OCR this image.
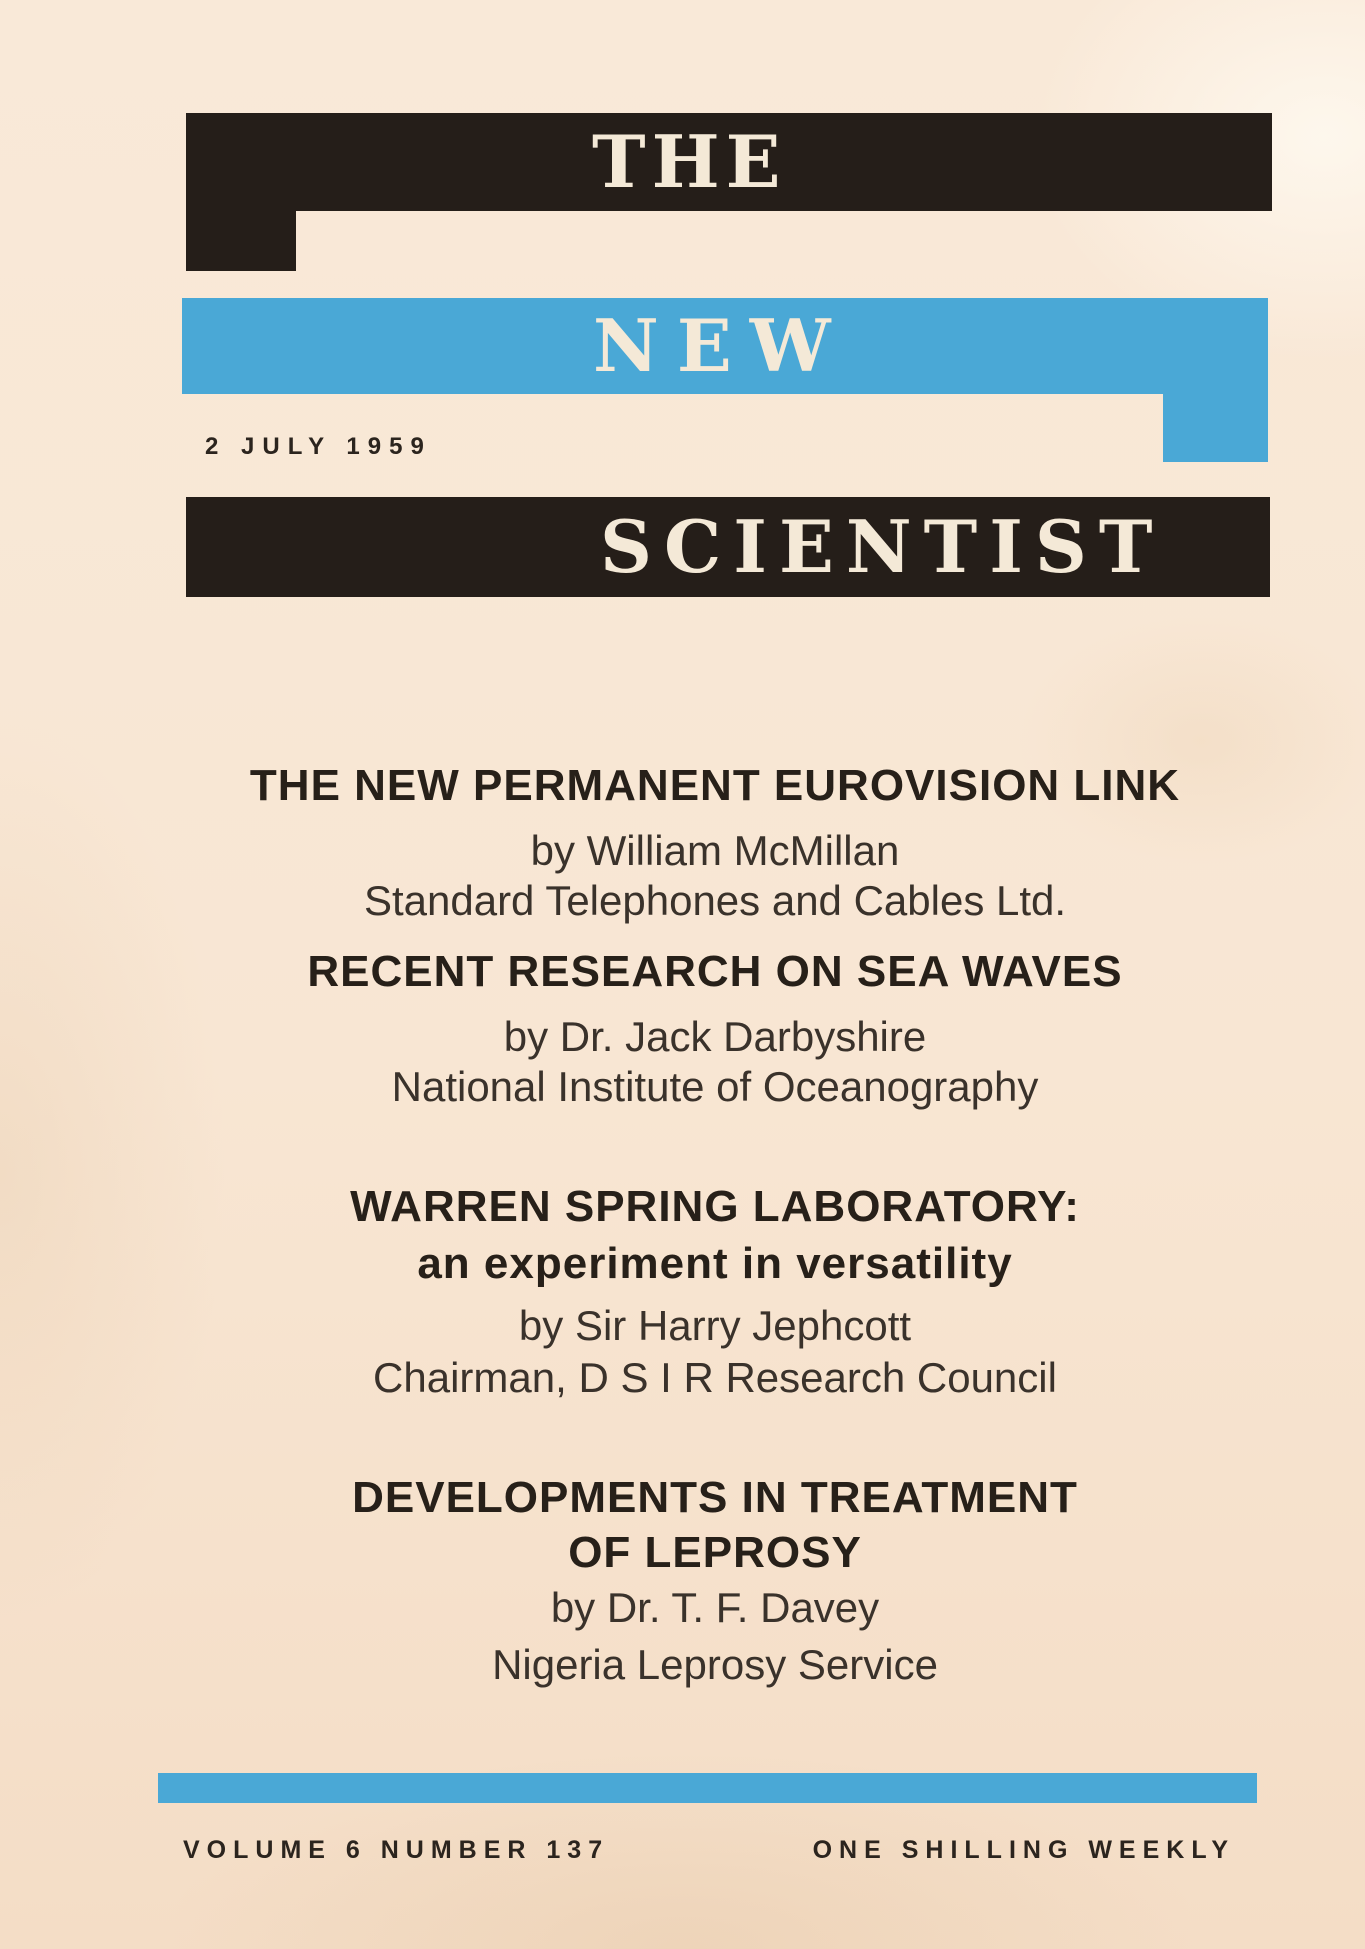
THE
NEW
2 JULY 1959
SCIENTIST
THE NEW PERMANENT EUROVISION LINK
by William McMillan
Standard Telephones and Cables Ltd.
RECENT RESEARCH ON SEA WAVES
by Dr. Jack Darbyshire
National Institute of Oceanography
WARREN SPRING LABORATORY:
an experiment in versatility
by Sir Harry Jephcott
Chairman, D S I R Research Council
DEVELOPMENTS IN TREATMENT
OF LEPROSY
by Dr. T. F. Davey
Nigeria Leprosy Service
VOLUME 6 NUMBER 137	ONE SHILLING WEEKLY
